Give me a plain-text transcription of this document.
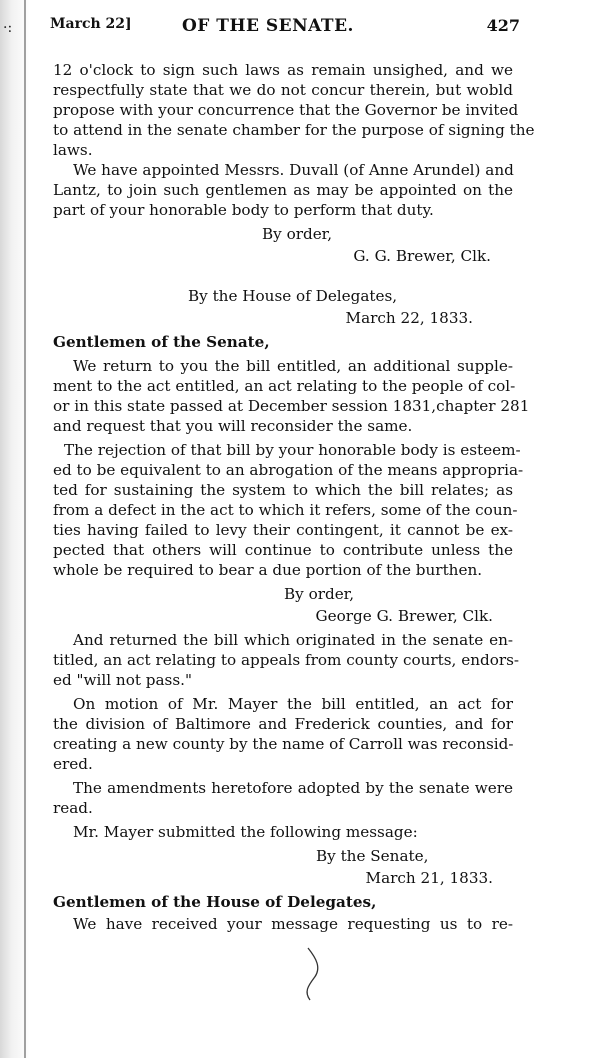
·:	March 22]	OF THE SENATE.	427

12 o'clock to sign such laws as remain unsighed, and we

respectfully state that we do not concur therein, but wobld

propose with your concurrence that the Governor be invited

to attend in the senate chamber for the purpose of signing the

laws.

We have appointed Messrs. Duvall (of Anne Arundel) and

Lantz, to join such gentlemen as may be appointed on the

part of your honorable body to perform that duty.

By order,

G. G. Brewer, Clk.

By the House of Delegates,

March 22, 1833.

Gentlemen of the Senate,

We return to you the bill entitled, an additional supple-

ment to the act entitled, an act relating to the people of col-

or in this state passed at December session 1831,chapter 281

and request that you will reconsider the same.

The rejection of that bill by your honorable body is esteem-

ed to be equivalent to an abrogation of the means appropria-

ted for sustaining the system to which the bill relates; as

from a defect in the act to which it refers, some of the coun-

ties having failed to levy their contingent, it cannot be ex-

pected that others will continue to contribute unless the

whole be required to bear a due portion of the burthen.

By order,

George G. Brewer, Clk.

And returned the bill which originated in the senate en-

titled, an act relating to appeals from county courts, endors-

ed "will not pass."

On motion of Mr. Mayer the bill entitled, an act for

the division of Baltimore and Frederick counties, and for

creating a new county by the name of Carroll was reconsid-

ered.

The amendments heretofore adopted by the senate were

read.

Mr. Mayer submitted the following message:

By the Senate,

March 21, 1833.

Gentlemen of the House of Delegates,

We have received your message requesting us to re-
